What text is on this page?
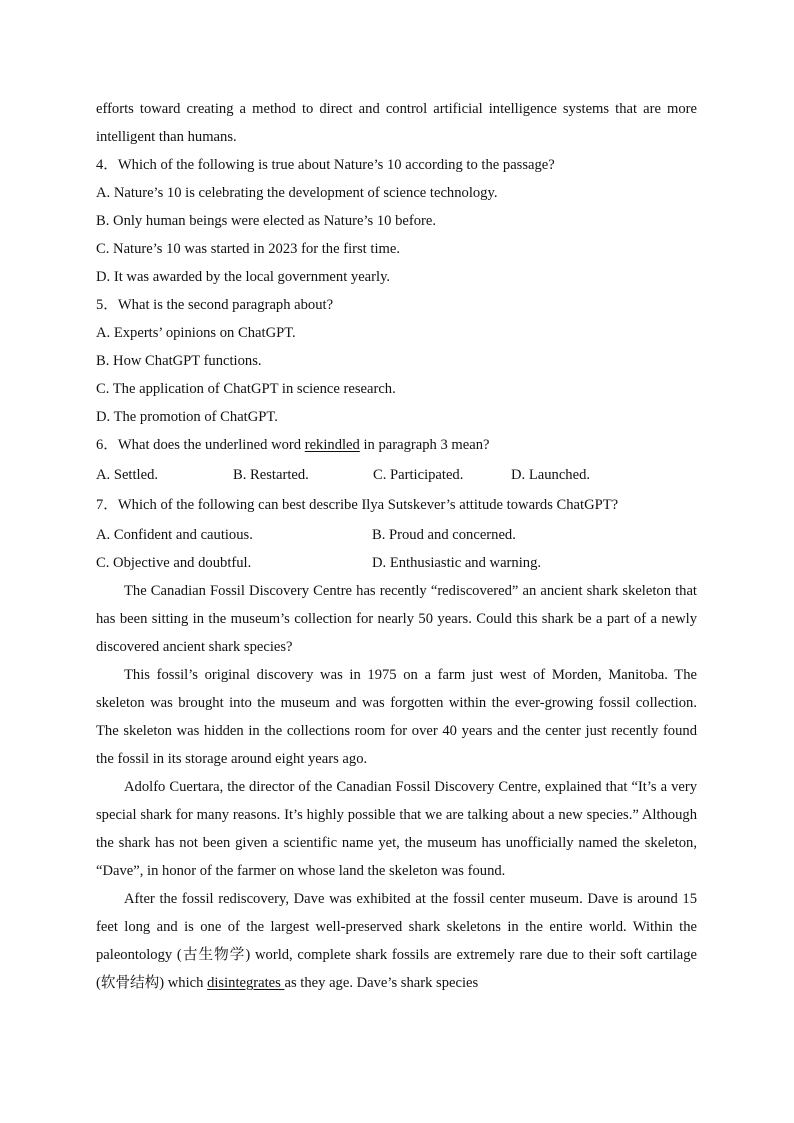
efforts toward creating a method to direct and control artificial intelligence systems that are more intelligent than humans.

4．Which of the following is true about Nature’s 10 according to the passage?

A. Nature’s 10 is celebrating the development of science technology.

B. Only human beings were elected as Nature’s 10 before.

C. Nature’s 10 was started in 2023 for the first time.

D. It was awarded by the local government yearly.

5．What is the second paragraph about?

A. Experts’ opinions on ChatGPT.

B. How ChatGPT functions.

C. The application of ChatGPT in science research.

D. The promotion of ChatGPT.

6．What does the underlined word rekindled in paragraph 3 mean?

A. Settled.	B. Restarted.	C. Participated.	D. Launched.

7．Which of the following can best describe Ilya Sutskever’s attitude towards ChatGPT?

A. Confident and cautious.	B. Proud and concerned.

C. Objective and doubtful.	D. Enthusiastic and warning.

The Canadian Fossil Discovery Centre has recently “rediscovered” an ancient shark skeleton that has been sitting in the museum’s collection for nearly 50 years. Could this shark be a part of a newly discovered ancient shark species?

This fossil’s original discovery was in 1975 on a farm just west of Morden, Manitoba. The skeleton was brought into the museum and was forgotten within the ever-growing fossil collection. The skeleton was hidden in the collections room for over 40 years and the center just recently found the fossil in its storage around eight years ago.

Adolfo Cuertara, the director of the Canadian Fossil Discovery Centre, explained that “It’s a very special shark for many reasons. It’s highly possible that we are talking about a new species.” Although the shark has not been given a scientific name yet, the museum has unofficially named the skeleton, “Dave”, in honor of the farmer on whose land the skeleton was found.

After the fossil rediscovery, Dave was exhibited at the fossil center museum. Dave is around 15 feet long and is one of the largest well-preserved shark skeletons in the entire world. Within the paleontology (古生物学) world, complete shark fossils are extremely rare due to their soft cartilage (软骨结构) which disintegrates as they age. Dave’s shark species
